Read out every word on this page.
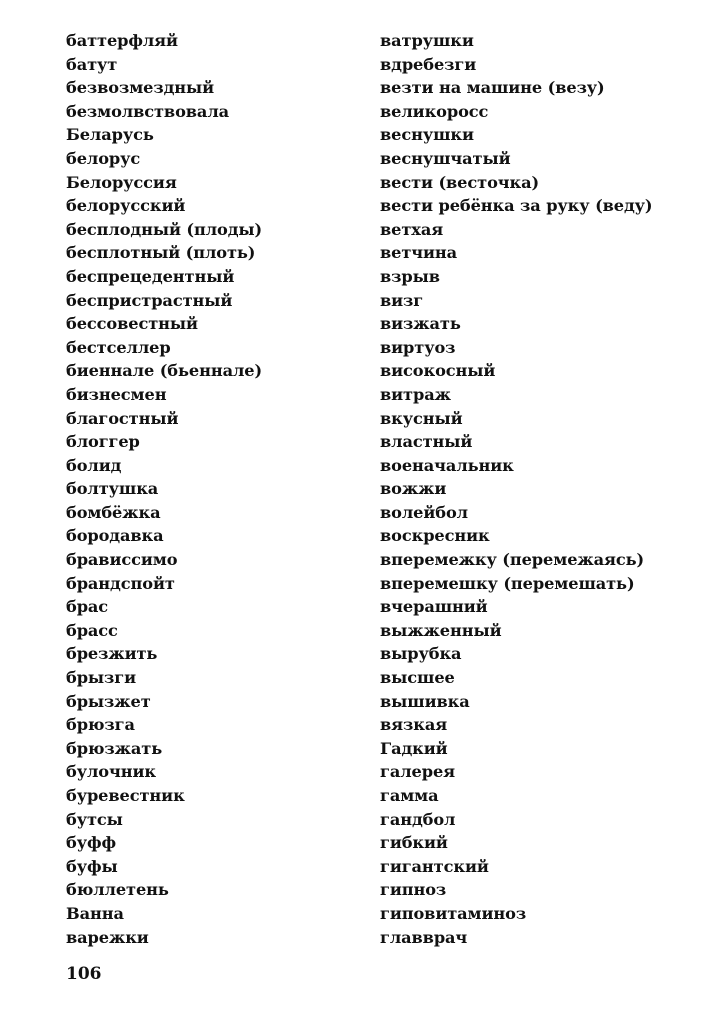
баттерфляй
батут
безвозмездный
безмолвствовала
Беларусь
белорус
Белоруссия
белорусский
бесплодный (плоды)
бесплотный (плоть)
беспрецедентный
беспристрастный
бессовестный
бестселлер
биеннале (бьеннале)
бизнесмен
благостный
блоггер
болид
болтушка
бомбёжка
бородавка
брависсимо
брандспойт
брас
брасс
брезжить
брызги
брызжет
брюзга
брюзжать
булочник
буревестник
бутсы
буфф
буфы
бюллетень
Ванна
варежки
ватрушки
вдребезги
везти на машине (везу)
великоросс
веснушки
веснушчатый
вести (весточка)
вести ребёнка за руку (веду)
ветхая
ветчина
взрыв
визг
визжать
виртуоз
високосный
витраж
вкусный
властный
военачальник
вожжи
волейбол
воскресник
вперемежку (перемежаясь)
вперемешку (перемешать)
вчерашний
выжженный
вырубка
высшее
вышивка
вязкая
Гадкий
галерея
гамма
гандбол
гибкий
гигантский
гипноз
гиповитаминоз
главврач
106
